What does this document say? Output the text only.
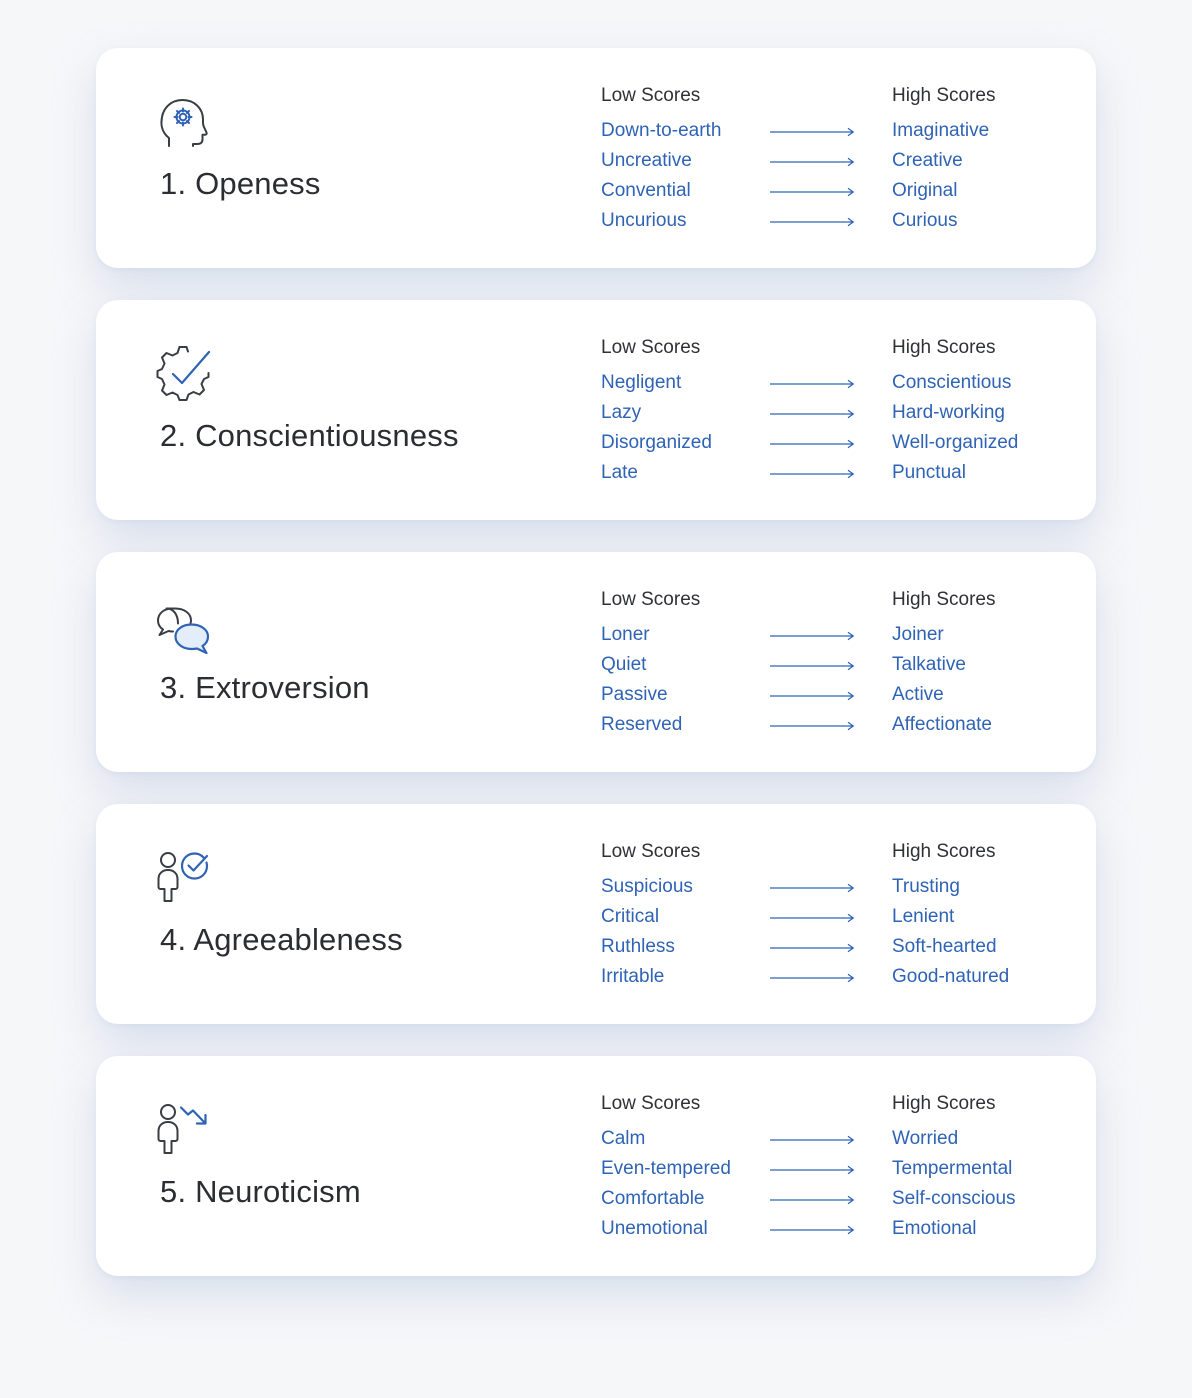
1. Openess
Low Scores	High Scores
Down-to-earth	Imaginative
Uncreative	Creative
Convential	Original
Uncurious	Curious
2. Conscientiousness
Low Scores	High Scores
Negligent	Conscientious
Lazy	Hard-working
Disorganized	Well-organized
Late	Punctual
3. Extroversion
Low Scores	High Scores
Loner	Joiner
Quiet	Talkative
Passive	Active
Reserved	Affectionate
4. Agreeableness
Low Scores	High Scores
Suspicious	Trusting
Critical	Lenient
Ruthless	Soft-hearted
Irritable	Good-natured
5. Neuroticism
Low Scores	High Scores
Calm	Worried
Even-tempered	Tempermental
Comfortable	Self-conscious
Unemotional	Emotional
